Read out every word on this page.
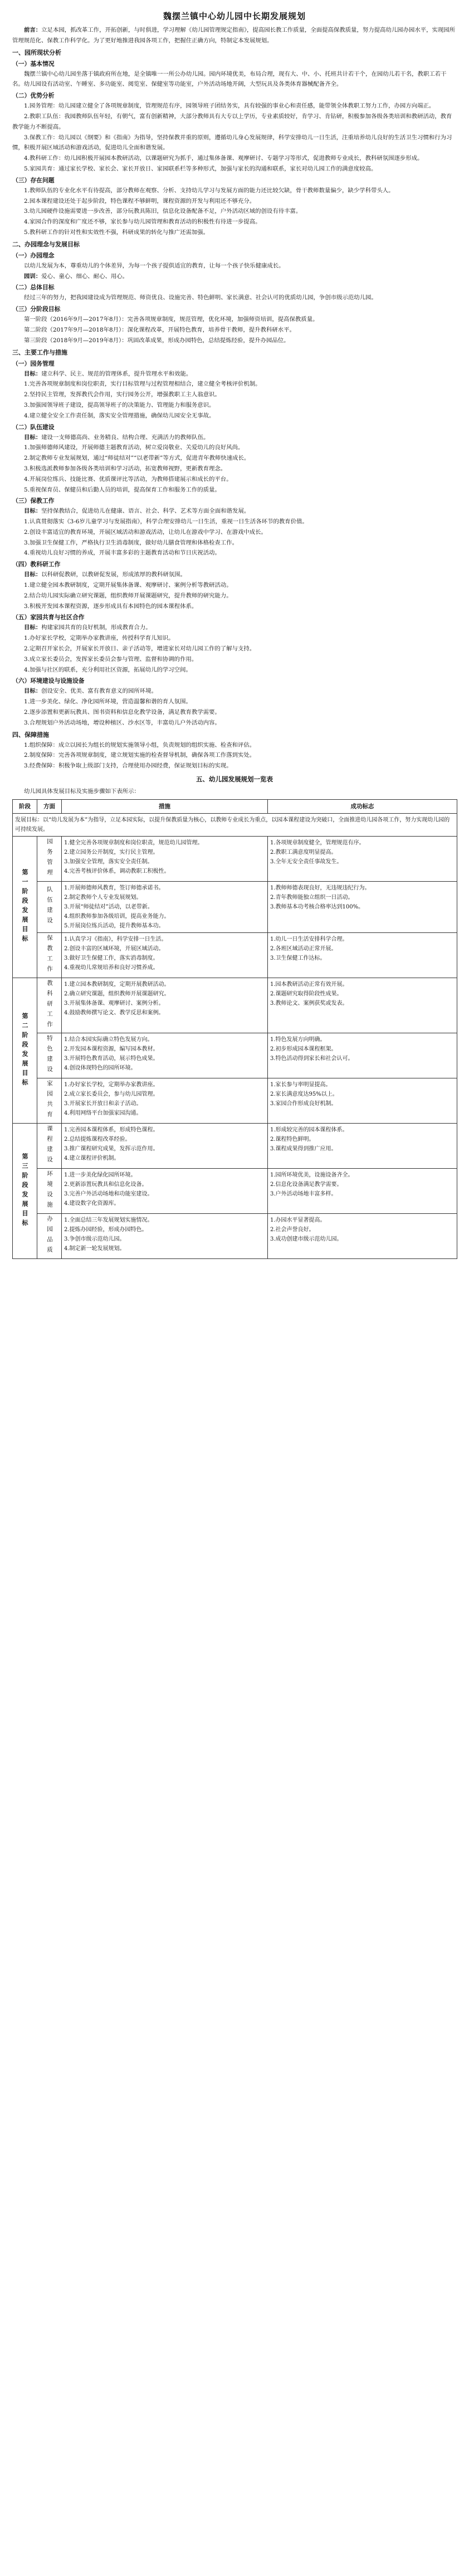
魏摆兰镇中心幼儿园中长期发展规划

前言：立足本园，抓改革工作，开拓创新，与时俱进，学习理解《幼儿园管理规定指南》，提高园长教工作质量，全面提高保教质量，努力提高幼儿园办园水平，实现园所管理规范化、保教工作科学化。为了更好地推进我园各项工作，把握住正确方向，特制定本发展规划。

一、园所现状分析
（一）基本情况

魏摆兰镇中心幼儿园坐落于镇政府所在地，是全镇唯一一所公办幼儿园。园内环境优美，布局合理，现有大、中、小、托班共计若干个，在园幼儿若干名，教职工若干名。幼儿园设有活动室、午睡室、多功能室、阅览室、保健室等功能室，户外活动场地开阔，大型玩具及各类体育器械配备齐全。

（二）优势分析

1.园务管理：幼儿园建立健全了各项规章制度，管理规范有序，园领导班子团结务实，具有较强的事业心和责任感，能带领全体教职工努力工作，办园方向端正。

2.教职工队伍：我园教师队伍年轻，有朝气，富有创新精神，大部分教师具有大专以上学历，专业素质较好，肯学习、肯钻研，积极参加各级各类培训和教研活动，教育教学能力不断提高。

3.保教工作：幼儿园以《纲要》和《指南》为指导，坚持保教并重的原则，遵循幼儿身心发展规律，科学安排幼儿一日生活，注重培养幼儿良好的生活卫生习惯和行为习惯，积极开展区域活动和游戏活动，促进幼儿全面和谐发展。

4.教科研工作：幼儿园积极开展园本教研活动，以课题研究为抓手，通过集体备课、观摩研讨、专题学习等形式，促进教师专业成长，教科研氛围逐步形成。

5.家园共育：通过家长学校、家长会、家长开放日、家园联系栏等多种形式，加强与家长的沟通和联系，家长对幼儿园工作的满意度较高。

（三）存在问题

1.教师队伍的专业化水平有待提高，部分教师在观察、分析、支持幼儿学习与发展方面的能力还比较欠缺，骨干教师数量偏少，缺少学科带头人。

2.园本课程建设还处于起步阶段，特色课程不够鲜明，课程资源的开发与利用还不够充分。

3.幼儿园硬件设施需要进一步改善，部分玩教具陈旧，信息化设备配备不足，户外活动区域的创设有待丰富。

4.家园合作的深度和广度还不够，家长参与幼儿园管理和教育活动的积极性有待进一步提高。

5.教科研工作的针对性和实效性不强，科研成果的转化与推广还需加强。

二、办园理念与发展目标
（一）办园理念

以幼儿发展为本，尊重幼儿的个体差异，为每一个孩子提供适宜的教育，让每一个孩子快乐健康成长。

园训：爱心、童心、细心、耐心、用心。

（二）总体目标

经过三年的努力，把我园建设成为管理规范、师资优良、设施完善、特色鲜明、家长满意、社会认可的优质幼儿园，争创市级示范幼儿园。

（三）分阶段目标

第一阶段（2016年9月—2017年8月）：完善各项规章制度，规范管理，优化环境，加强师资培训，提高保教质量。

第二阶段（2017年9月—2018年8月）：深化课程改革，开展特色教育，培养骨干教师，提升教科研水平。

第三阶段（2018年9月—2019年8月）：巩固改革成果，形成办园特色，总结提炼经验，提升办园品位。

三、主要工作与措施
（一）园务管理

目标：建立科学、民主、规范的管理体系，提升管理水平和效能。

1.完善各项规章制度和岗位职责，实行目标管理与过程管理相结合，建立健全考核评价机制。

2.坚持民主管理，发挥教代会作用，实行园务公开，增强教职工主人翁意识。

3.加强园领导班子建设，提高领导班子的决策能力、管理能力和服务意识。

4.建立健全安全工作责任制，落实安全管理措施，确保幼儿园安全无事故。

（二）队伍建设

目标：建设一支师德高尚、业务精良、结构合理、充满活力的教师队伍。

1.加强师德师风建设，开展师德主题教育活动，树立爱岗敬业、关爱幼儿的良好风尚。

2.制定教师专业发展规划，通过“师徒结对”“以老带新”等方式，促进青年教师快速成长。

3.积极选派教师参加各级各类培训和学习活动，拓宽教师视野，更新教育理念。

4.开展岗位练兵、技能比赛、优质课评比等活动，为教师搭建展示和成长的平台。

5.重视保育员、保健员和后勤人员的培训，提高保育工作和服务工作的质量。

（三）保教工作

目标：坚持保教结合，促进幼儿在健康、语言、社会、科学、艺术等方面全面和谐发展。

1.认真贯彻落实《3-6岁儿童学习与发展指南》，科学合理安排幼儿一日生活，重视一日生活各环节的教育价值。

2.创设丰富适宜的教育环境，开展区域活动和游戏活动，让幼儿在游戏中学习、在游戏中成长。

3.加强卫生保健工作，严格执行卫生消毒制度，做好幼儿膳食管理和体格检查工作。

4.重视幼儿良好习惯的养成，开展丰富多彩的主题教育活动和节日庆祝活动。

（四）教科研工作

目标：以科研促教研，以教研促发展，形成浓厚的教科研氛围。

1.建立健全园本教研制度，定期开展集体备课、观摩研讨、案例分析等教研活动。

2.结合幼儿园实际确立研究课题，组织教师开展课题研究，提升教师的研究能力。

3.积极开发园本课程资源，逐步形成具有本园特色的园本课程体系。

（五）家园共育与社区合作

目标：构建家园共育的良好机制，形成教育合力。

1.办好家长学校，定期举办家教讲座，传授科学育儿知识。

2.定期召开家长会，开展家长开放日、亲子活动等，增进家长对幼儿园工作的了解与支持。

3.成立家长委员会，发挥家长委员会参与管理、监督和协调的作用。

4.加强与社区的联系，充分利用社区资源，拓展幼儿的学习空间。

（六）环境建设与设施设备

目标：创设安全、优美、富有教育意义的园所环境。

1.进一步美化、绿化、净化园所环境，营造温馨和谐的育人氛围。

2.逐步添置和更新玩教具、图书资料和信息化教学设备，满足教育教学需要。

3.合理规划户外活动场地，增设种植区、沙水区等，丰富幼儿户外活动内容。

四、保障措施

1.组织保障：成立以园长为组长的规划实施领导小组，负责规划的组织实施、检查和评估。

2.制度保障：完善各项规章制度，建立规划实施的检查督导机制，确保各项工作落到实处。

3.经费保障：积极争取上级部门支持，合理使用办园经费，保证规划目标的实现。

五、幼儿园发展规划一览表

幼儿园具体发展目标及实施步骤如下表所示：

阶段	方面	措施	成功标志
发展目标：以“幼儿发展为本”为指导，立足本园实际，以提升保教质量为核心，以教师专业成长为重点，以园本课程建设为突破口，全面推进幼儿园各项工作，努力实现幼儿园的可持续发展。			

第一阶段发展目标	园务管理	1.健全完善各项规章制度和岗位职责，规范幼儿园管理。
2.建立园务公开制度，实行民主管理。
3.加强安全管理，落实安全责任制。
4.完善考核评价体系，调动教职工积极性。	1.各项规章制度健全，管理规范有序。
2.教职工满意度明显提高。
3.全年无安全责任事故发生。

	队伍建设	1.开展师德师风教育，签订师德承诺书。
2.制定教师个人专业发展规划。
3.开展“师徒结对”活动，以老带新。
4.组织教师参加各级培训，提高业务能力。
5.开展岗位练兵活动，提升教师基本功。	1.教师师德表现良好，无违规违纪行为。
2.青年教师能独立组织一日活动。
3.教师基本功考核合格率达到100%。

	保教工作	1.认真学习《指南》，科学安排一日生活。
2.创设丰富的区域环境，开展区域活动。
3.做好卫生保健工作，落实消毒制度。
4.重视幼儿常规培养和良好习惯养成。	1.幼儿一日生活安排科学合理。
2.各班区域活动正常开展。
3.卫生保健工作达标。

第二阶段发展目标	教科研工作	1.建立园本教研制度，定期开展教研活动。
2.确立研究课题，组织教师开展课题研究。
3.开展集体备课、观摩研讨、案例分析。
4.鼓励教师撰写论文、教学反思和案例。	1.园本教研活动正常有效开展。
2.课题研究取得阶段性成果。
3.教师论文、案例获奖或发表。

	特色建设	1.结合本园实际确立特色发展方向。
2.开发园本课程资源，编写园本教材。
3.开展特色教育活动，展示特色成果。
4.创设体现特色的园所环境。	1.特色发展方向明确。
2.初步形成园本课程框架。
3.特色活动得到家长和社会认可。

	家园共育	1.办好家长学校，定期举办家教讲座。
2.成立家长委员会，参与幼儿园管理。
3.开展家长开放日和亲子活动。
4.利用网络平台加强家园沟通。	1.家长参与率明显提高。
2.家长满意度达95%以上。
3.家园合作形成良好机制。

第三阶段发展目标	课程建设	1.完善园本课程体系，形成特色课程。
2.总结提炼课程改革经验。
3.推广课程研究成果，发挥示范作用。
4.建立课程评价机制。	1.形成较完善的园本课程体系。
2.课程特色鲜明。
3.课程成果得到推广应用。

	环境设施	1.进一步美化绿化园所环境。
2.更新添置玩教具和信息化设备。
3.完善户外活动场地和功能室建设。
4.建设数字化资源库。	1.园所环境优美，设施设备齐全。
2.信息化设备满足教学需要。
3.户外活动场地丰富多样。

	办园品质	1.全面总结三年发展规划实施情况。
2.提炼办园经验，形成办园特色。
3.争创市级示范幼儿园。
4.制定新一轮发展规划。	1.办园水平显著提高。
2.社会声誉良好。
3.成功创建市级示范幼儿园。
